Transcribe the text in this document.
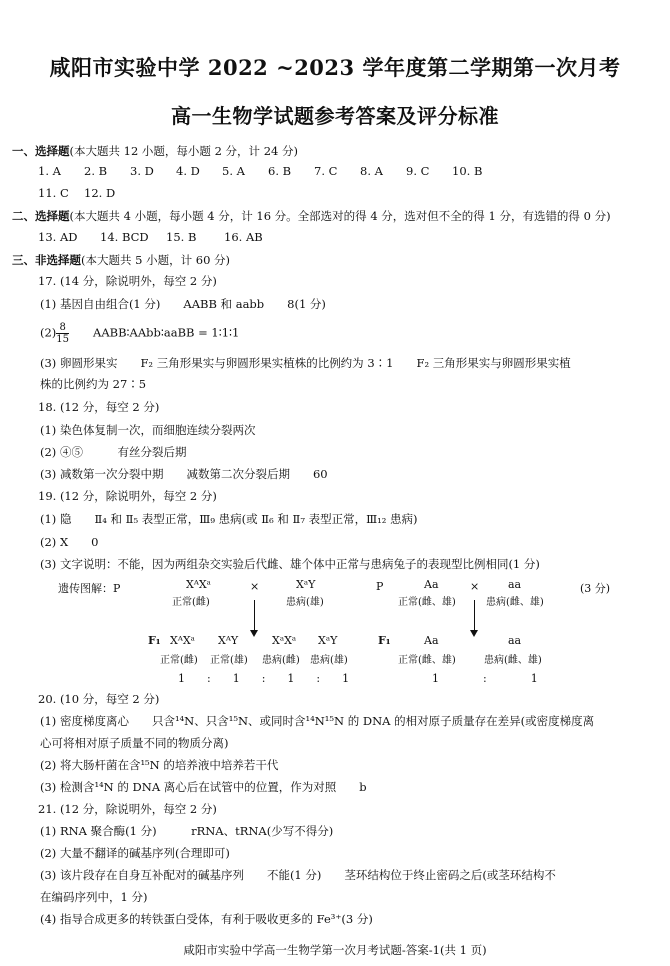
咸阳市实验中学 2022 ~2023 学年度第二学期第一次月考
高一生物学试题参考答案及评分标准
一、选择题(本大题共 12 小题，每小题 2 分，计 24 分)
1. A 2. B 3. D 4. D 5. A 6. B 7. C 8. A 9. C 10. B
11. C 12. D
二、选择题(本大题共 4 小题，每小题 4 分，计 16 分。全部选对的得 4 分，选对但不全的得 1 分，有选错的得 0 分)
13. AD 14. BCD 15. B 16. AB
三、非选择题(本大题共 5 小题，计 60 分)
17. (14 分，除说明外，每空 2 分)
(1) 基因自由组合(1 分)　　AABB 和 aabb　　8(1 分)
$(2) \frac{8}{15}$ AABB∶AAbb∶aaBB = 1∶1∶1
(3) 卵圆形果实　　F₂ 三角形果实与卵圆形果实植株的比例约为 3∶1　　F₂ 三角形果实与卵圆形果实植
株的比例约为 27∶5
18. (12 分，每空 2 分)
(1) 染色体复制一次，而细胞连续分裂两次
(2) ④⑤　　　有丝分裂后期
(3) 减数第一次分裂中期　　减数第二次分裂后期　　60
19. (12 分，除说明外，每空 2 分)
(1) 隐　　Ⅱ₄ 和 Ⅱ₅ 表型正常，Ⅲ₉ 患病(或 Ⅱ₆ 和 Ⅱ₇ 表型正常，Ⅲ₁₂ 患病)
(2) X　　0
(3) 文字说明：不能，因为两组杂交实验后代雌、雄个体中正常与患病兔子的表现型比例相同(1 分)
遗传图解：P	XᴬXᵃ
正常(雌)
×	XᵃY
患病(雄)
F₁ XᴬXᵃ XᴬY	XᵃXᵃ XᵃY
正常(雌) 正常(雄) 患病(雌) 患病(雄)
1　　:　　1　　:　　1　　:　　1
P	Aa
正常(雌、雄)
×	aa
患病(雌、雄)
(3 分)
F₁	Aa	aa
正常(雌、雄)	患病(雌、雄)
1　　　　:　　　　1
20. (10 分，每空 2 分)
(1) 密度梯度离心　　只含¹⁴N、只含¹⁵N、或同时含¹⁴N¹⁵N 的 DNA 的相对原子质量存在差异(或密度梯度离
心可将相对原子质量不同的物质分离)
(2) 将大肠杆菌在含¹⁵N 的培养液中培养若干代
(3) 检测含¹⁴N 的 DNA 离心后在试管中的位置，作为对照　　b
21. (12 分，除说明外，每空 2 分)
(1) RNA 聚合酶(1 分)　　　rRNA、tRNA(少写不得分)
(2) 大量不翻译的碱基序列(合理即可)
(3) 该片段存在自身互补配对的碱基序列　　不能(1 分)　　茎环结构位于终止密码之后(或茎环结构不
在编码序列中，1 分)
(4) 指导合成更多的转铁蛋白受体，有利于吸收更多的 Fe³⁺(3 分)
咸阳市实验中学高一生物学第一次月考试题-答案-1(共 1 页)
